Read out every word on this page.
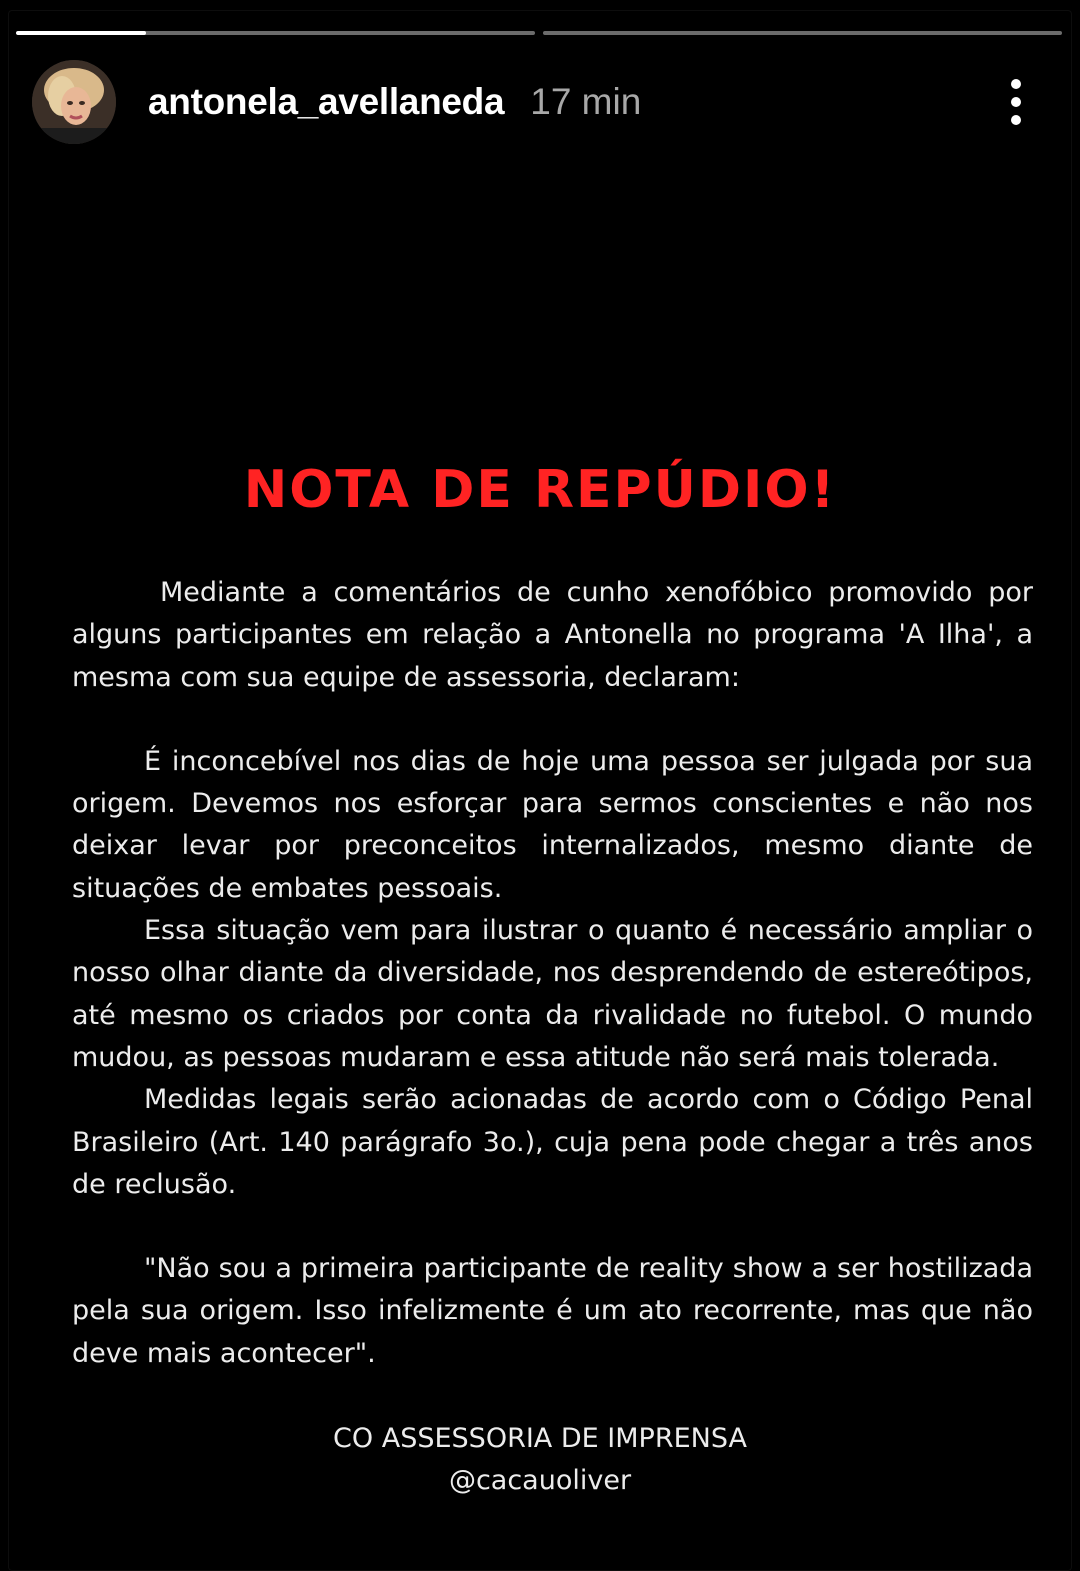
antonela_avellaneda 17 min
NOTA DE REPÚDIO!

Mediante a comentários de cunho xenofóbico promovido por alguns participantes em relação a Antonella no programa 'A Ilha', a mesma com sua equipe de assessoria, declaram:

É inconcebível nos dias de hoje uma pessoa ser julgada por sua origem. Devemos nos esforçar para sermos conscientes e não nos deixar levar por preconceitos internalizados, mesmo diante de situações de embates pessoais.

Essa situação vem para ilustrar o quanto é necessário ampliar o nosso olhar diante da diversidade, nos desprendendo de estereótipos, até mesmo os criados por conta da rivalidade no futebol. O mundo mudou, as pessoas mudaram e essa atitude não será mais tolerada.

Medidas legais serão acionadas de acordo com o Código Penal Brasileiro (Art. 140 parágrafo 3o.), cuja pena pode chegar a três anos de reclusão.

"Não sou a primeira participante de reality show a ser hostilizada pela sua origem. Isso infelizmente é um ato recorrente, mas que não deve mais acontecer".

CO ASSESSORIA DE IMPRENSA
@cacauoliver
